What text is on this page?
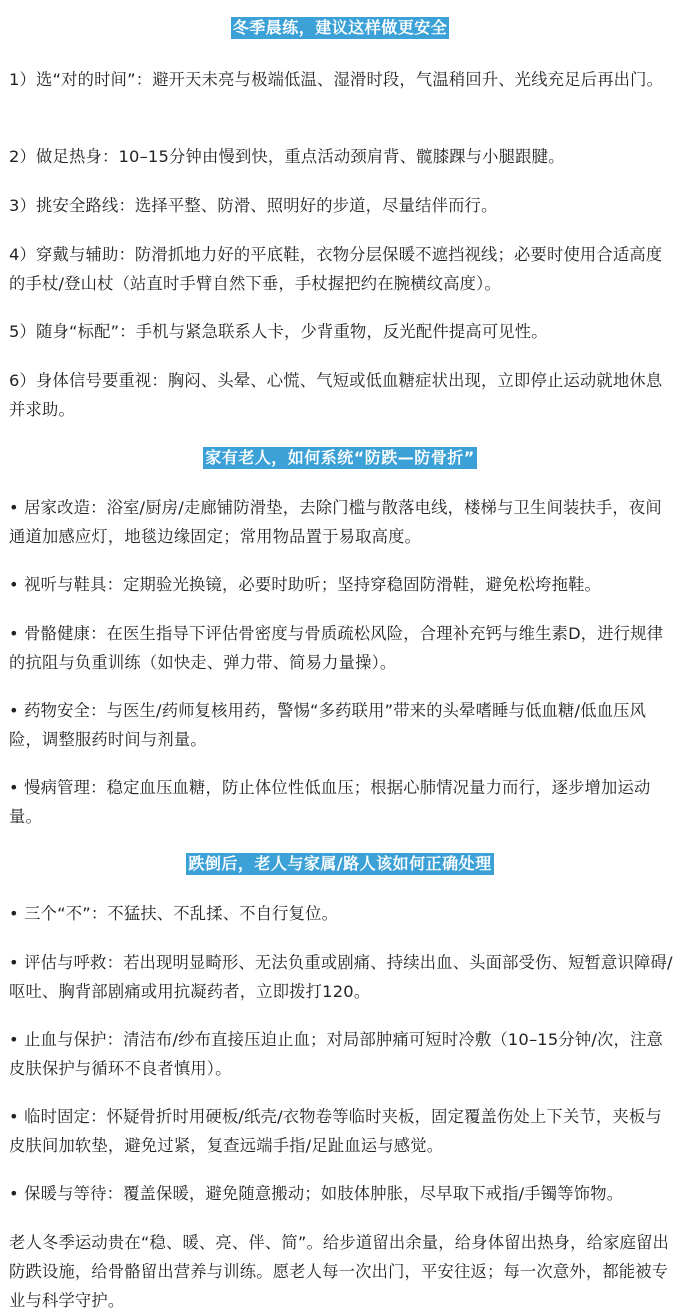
冬季晨练，建议这样做更安全

1）选“对的时间”：避开天未亮与极端低温、湿滑时段，气温稍回升、光线充足后再出门。

2）做足热身：10–15分钟由慢到快，重点活动颈肩背、髋膝踝与小腿跟腱。

3）挑安全路线：选择平整、防滑、照明好的步道，尽量结伴而行。

4）穿戴与辅助：防滑抓地力好的平底鞋，衣物分层保暖不遮挡视线；必要时使用合适高度的手杖/登山杖（站直时手臂自然下垂，手杖握把约在腕横纹高度）。

5）随身“标配”：手机与紧急联系人卡，少背重物，反光配件提高可见性。

6）身体信号要重视：胸闷、头晕、心慌、气短或低血糖症状出现，立即停止运动就地休息并求助。

家有老人，如何系统“防跌—防骨折”

• 居家改造：浴室/厨房/走廊铺防滑垫，去除门槛与散落电线，楼梯与卫生间装扶手，夜间通道加感应灯，地毯边缘固定；常用物品置于易取高度。

• 视听与鞋具：定期验光换镜，必要时助听；坚持穿稳固防滑鞋，避免松垮拖鞋。

• 骨骼健康：在医生指导下评估骨密度与骨质疏松风险，合理补充钙与维生素D，进行规律的抗阻与负重训练（如快走、弹力带、简易力量操）。

• 药物安全：与医生/药师复核用药，警惕“多药联用”带来的头晕嗜睡与低血糖/低血压风险，调整服药时间与剂量。

• 慢病管理：稳定血压血糖，防止体位性低血压；根据心肺情况量力而行，逐步增加运动量。

跌倒后，老人与家属/路人该如何正确处理

• 三个“不”：不猛扶、不乱揉、不自行复位。

• 评估与呼救：若出现明显畸形、无法负重或剧痛、持续出血、头面部受伤、短暂意识障碍/呕吐、胸背部剧痛或用抗凝药者，立即拨打120。

• 止血与保护：清洁布/纱布直接压迫止血；对局部肿痛可短时冷敷（10–15分钟/次，注意皮肤保护与循环不良者慎用）。

• 临时固定：怀疑骨折时用硬板/纸壳/衣物卷等临时夹板，固定覆盖伤处上下关节，夹板与皮肤间加软垫，避免过紧，复查远端手指/足趾血运与感觉。

• 保暖与等待：覆盖保暖，避免随意搬动；如肢体肿胀，尽早取下戒指/手镯等饰物。

老人冬季运动贵在“稳、暖、亮、伴、简”。给步道留出余量，给身体留出热身，给家庭留出防跌设施，给骨骼留出营养与训练。愿老人每一次出门，平安往返；每一次意外，都能被专业与科学守护。
